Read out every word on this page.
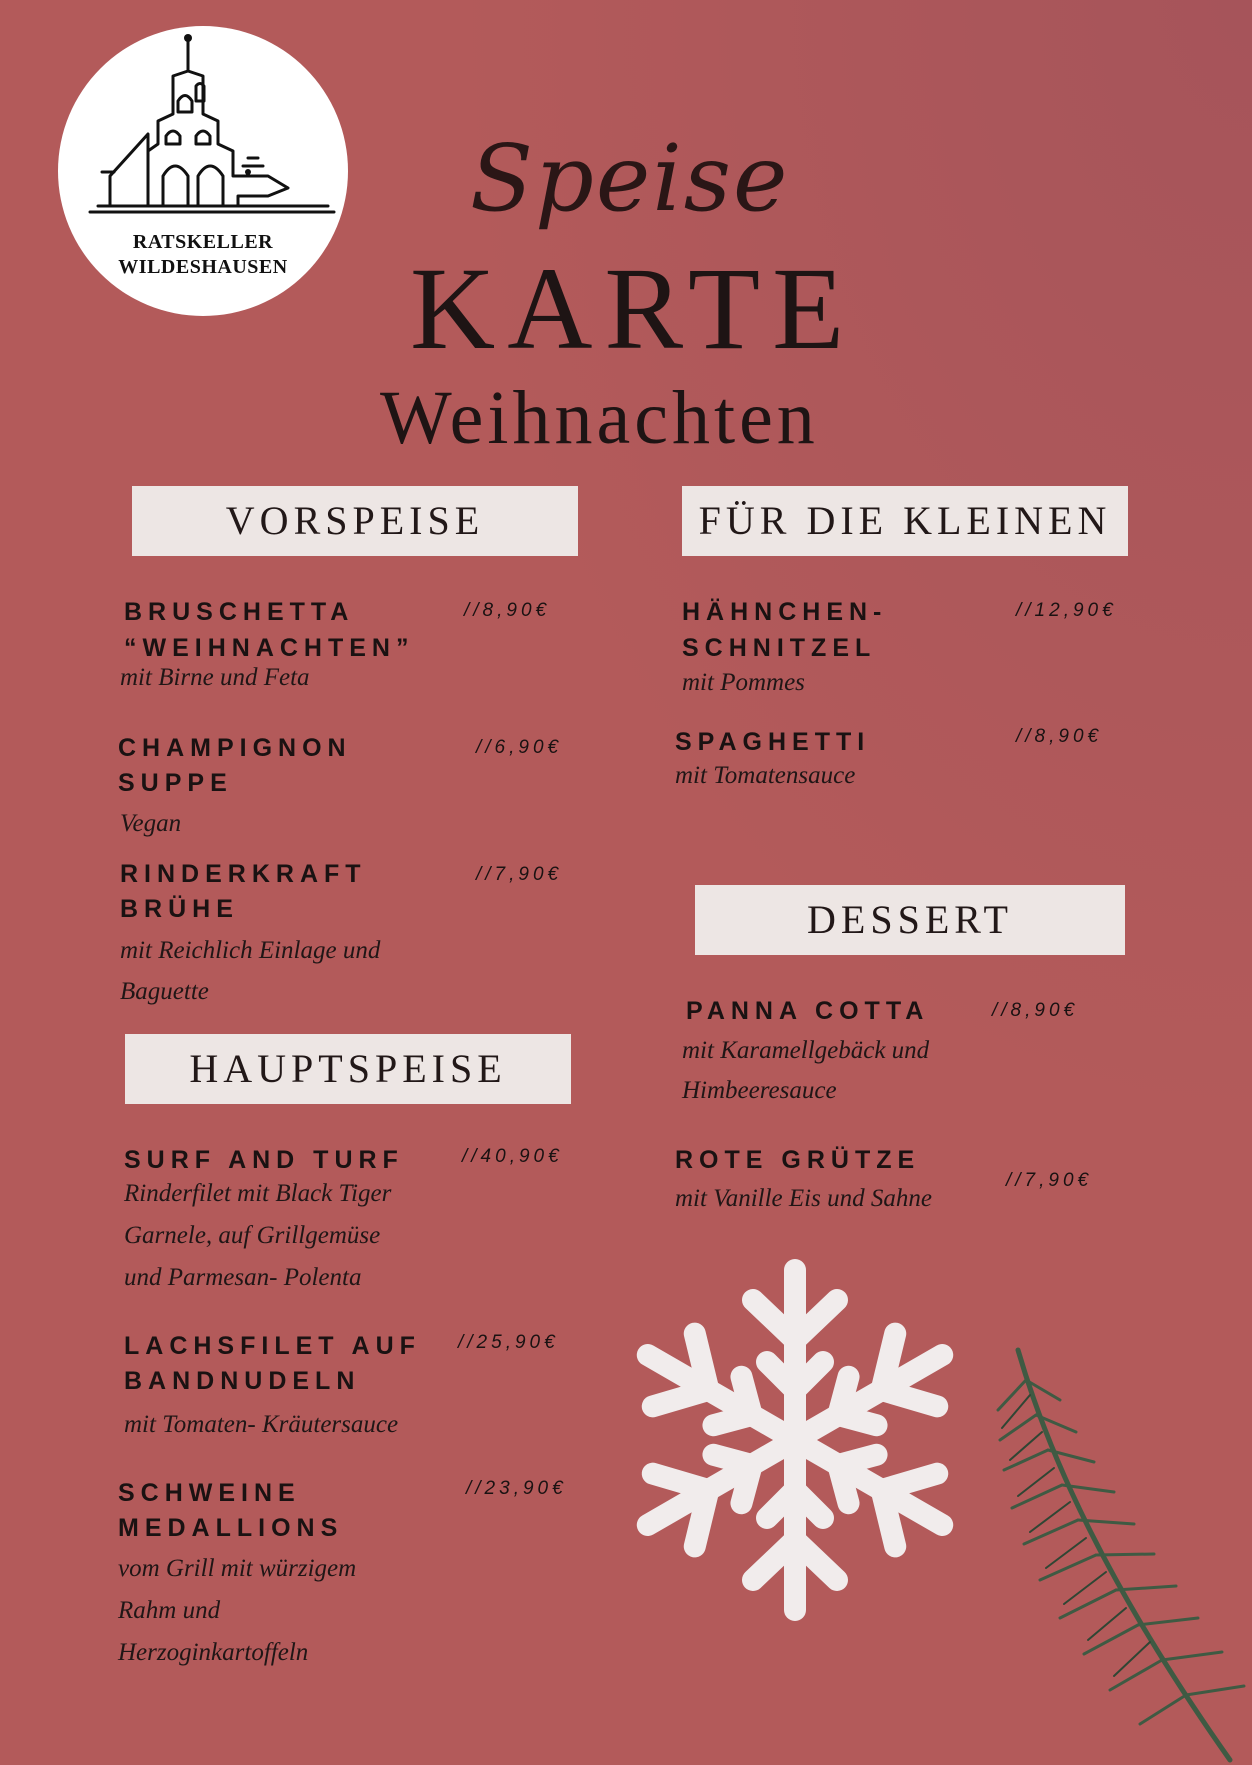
RATSKELLER
WILDESHAUSEN
Speise
KARTE
Weihnachten
VORSPEISE
BRUSCHETTA
“WEIHNACHTEN”
//8,90€
mit Birne und Feta
CHAMPIGNON
SUPPE
//6,90€
Vegan
RINDERKRAFT
BRÜHE
//7,90€
mit Reichlich Einlage und
Baguette
HAUPTSPEISE
SURF AND TURF	//40,90€
Rinderfilet mit Black Tiger
Garnele, auf Grillgemüse
und Parmesan- Polenta
LACHSFILET AUF
BANDNUDELN
//25,90€
mit Tomaten- Kräutersauce
SCHWEINE
MEDALLIONS
//23,90€
vom Grill mit würzigem
Rahm und
Herzoginkartoffeln
FÜR DIE KLEINEN
HÄHNCHEN-
SCHNITZEL
//12,90€
mit Pommes
SPAGHETTI	//8,90€
mit Tomatensauce
DESSERT
PANNA COTTA	//8,90€
mit Karamellgebäck und
Himbeeresauce
ROTE GRÜTZE
//7,90€
mit Vanille Eis und Sahne
